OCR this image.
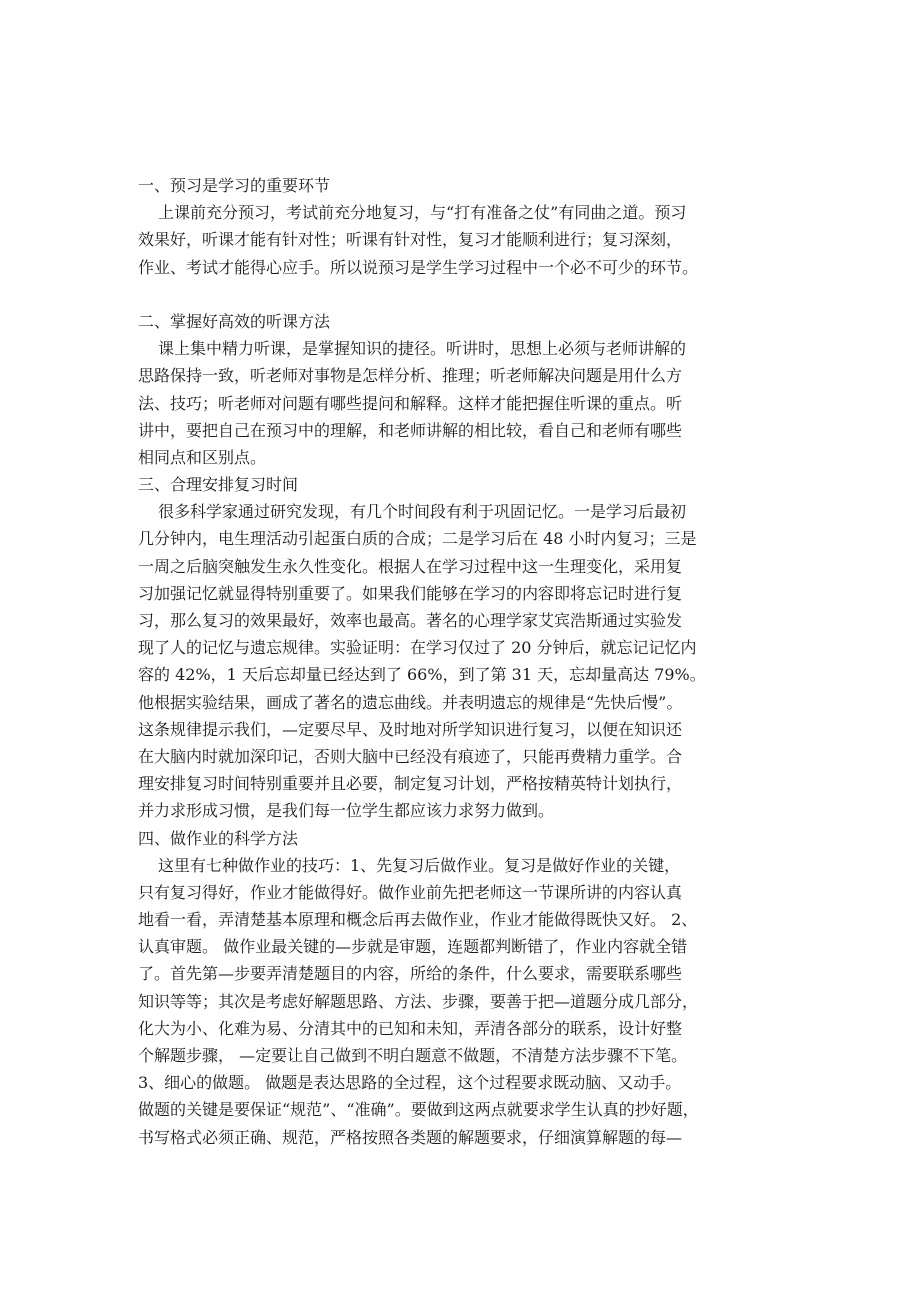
一、预习是学习的重要环节
上课前充分预习，考试前充分地复习，与“打有准备之仗”有同曲之道。预习
效果好，听课才能有针对性；听课有针对性，复习才能顺利进行；复习深刻，
作业、考试才能得心应手。所以说预习是学生学习过程中一个必不可少的环节。
二、掌握好高效的听课方法
课上集中精力听课，是掌握知识的捷径。听讲时，思想上必须与老师讲解的
思路保持一致，听老师对事物是怎样分析、推理；听老师解决问题是用什么方
法、技巧；听老师对问题有哪些提问和解释。这样才能把握住听课的重点。听
讲中，要把自己在预习中的理解，和老师讲解的相比较，看自己和老师有哪些
相同点和区别点。
三、合理安排复习时间
很多科学家通过研究发现，有几个时间段有利于巩固记忆。一是学习后最初
几分钟内，电生理活动引起蛋白质的合成；二是学习后在 48 小时内复习；三是
一周之后脑突触发生永久性变化。根据人在学习过程中这一生理变化，采用复
习加强记忆就显得特别重要了。如果我们能够在学习的内容即将忘记时进行复
习，那么复习的效果最好，效率也最高。著名的心理学家艾宾浩斯通过实验发
现了人的记忆与遗忘规律。实验证明：在学习仅过了 20 分钟后，就忘记记忆内
容的 42%，1 天后忘却量已经达到了 66%，到了第 31 天，忘却量高达 79%。
他根据实验结果，画成了著名的遗忘曲线。并表明遗忘的规律是“先快后慢”。
这条规律提示我们，—定要尽早、及时地对所学知识进行复习，以便在知识还
在大脑内时就加深印记，否则大脑中已经没有痕迹了，只能再费精力重学。合
理安排复习时间特别重要并且必要，制定复习计划，严格按精英特计划执行，
并力求形成习惯，是我们每一位学生都应该力求努力做到。
四、做作业的科学方法
这里有七种做作业的技巧：1、先复习后做作业。复习是做好作业的关键，
只有复习得好，作业才能做得好。做作业前先把老师这一节课所讲的内容认真
地看一看，弄清楚基本原理和概念后再去做作业，作业才能做得既快又好。 2、
认真审题。 做作业最关键的—步就是审题，连题都判断错了，作业内容就全错
了。首先第—步要弄清楚题目的内容，所给的条件，什么要求，需要联系哪些
知识等等；其次是考虑好解题思路、方法、步骤，要善于把—道题分成几部分，
化大为小、化难为易、分清其中的已知和未知，弄清各部分的联系，设计好整
个解题步骤， —定要让自己做到不明白题意不做题，不清楚方法步骤不下笔。
3、细心的做题。 做题是表达思路的全过程，这个过程要求既动脑、又动手。
做题的关键是要保证“规范”、“准确”。要做到这两点就要求学生认真的抄好题，
书写格式必须正确、规范，严格按照各类题的解题要求，仔细演算解题的每—
